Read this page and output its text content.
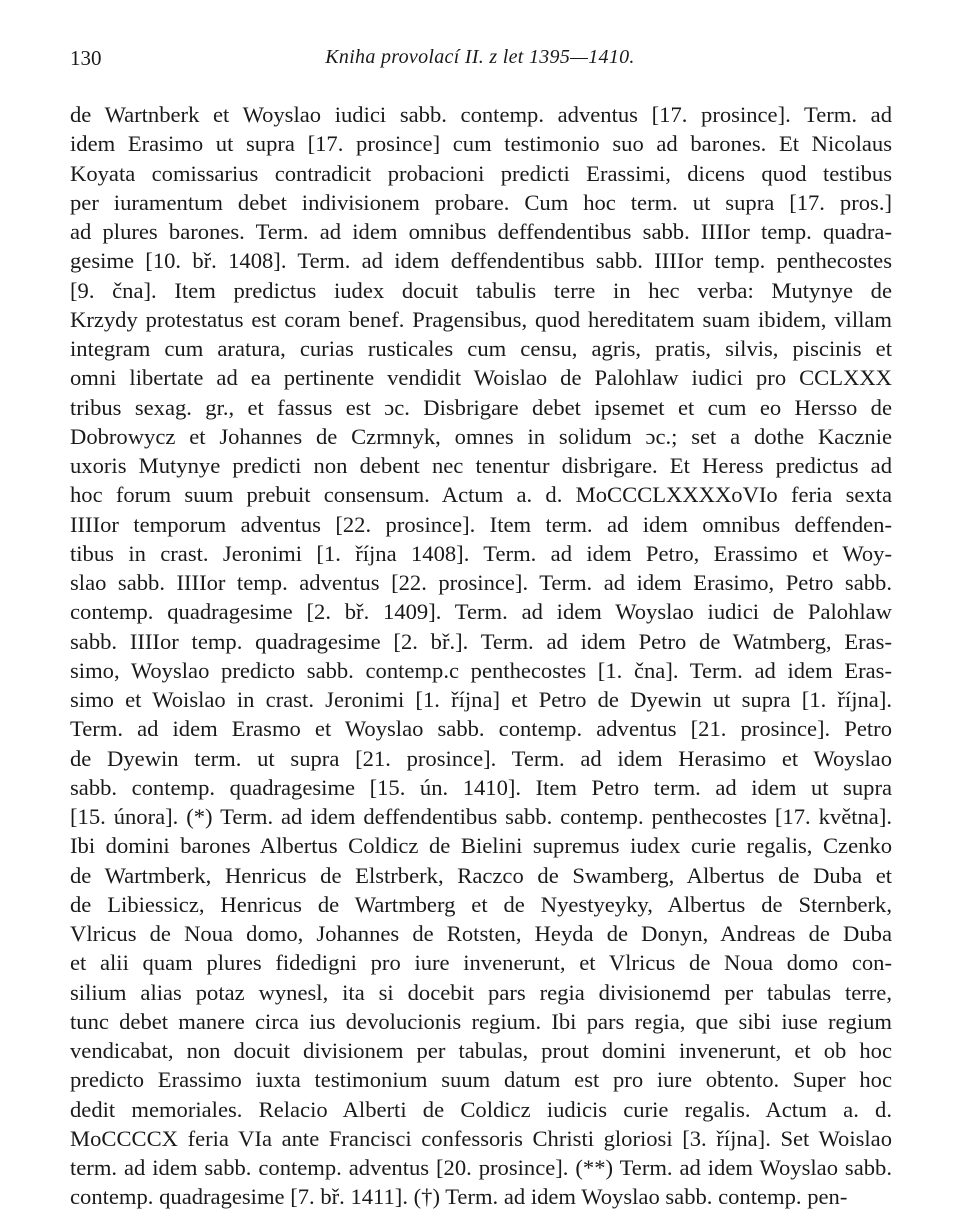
130	Kniha provolací II. z let 1395—1410.
de Wartnberk et Woyslao iudici sabb. contemp. adventus [17. prosince]. Term. ad
idem Erasimo ut supra [17. prosince] cum testimonio suo ad barones. Et Nicolaus
Koyata comissarius contradicit probacioni predicti Erassimi, dicens quod testibus
per iuramentum debet indivisionem probare. Cum hoc term. ut supra [17. pros.]
ad plures barones. Term. ad idem omnibus deffendentibus sabb. IIIIor temp. quadra-
gesime [10. bř. 1408]. Term. ad idem deffendentibus sabb. IIIIor temp. penthecostes
[9. čna]. Item predictus iudex docuit tabulis terre in hec verba: Mutynye de
Krzydy protestatus est coram benef. Pragensibus, quod hereditatem suam ibidem, villam
integram cum aratura, curias rusticales cum censu, agris, pratis, silvis, piscinis et
omni libertate ad ea pertinente vendidit Woislao de Palohlaw iudici pro CCLXXX
tribus sexag. gr., et fassus est ɔc. Disbrigare debet ipsemet et cum eo Hersso de
Dobrowycz et Johannes de Czrmnyk, omnes in solidum ɔc.; set a dothe Kacznie
uxoris Mutynye predicti non debent nec tenentur disbrigare. Et Heress predictus ad
hoc forum suum prebuit consensum. Actum a. d. MoCCCLXXXXoVIo feria sexta
IIIIor temporum adventus [22. prosince]. Item term. ad idem omnibus deffenden-
tibus in crast. Jeronimi [1. října 1408]. Term. ad idem Petro, Erassimo et Woy-
slao sabb. IIIIor temp. adventus [22. prosince]. Term. ad idem Erasimo, Petro sabb.
contemp. quadragesime [2. bř. 1409]. Term. ad idem Woyslao iudici de Palohlaw
sabb. IIIIor temp. quadragesime [2. bř.]. Term. ad idem Petro de Watmberg, Eras-
simo, Woyslao predicto sabb. contemp.c penthecostes [1. čna]. Term. ad idem Eras-
simo et Woislao in crast. Jeronimi [1. října] et Petro de Dyewin ut supra [1. října].
Term. ad idem Erasmo et Woyslao sabb. contemp. adventus [21. prosince]. Petro
de Dyewin term. ut supra [21. prosince]. Term. ad idem Herasimo et Woyslao
sabb. contemp. quadragesime [15. ún. 1410]. Item Petro term. ad idem ut supra
[15. února]. (*) Term. ad idem deffendentibus sabb. contemp. penthecostes [17. května].
Ibi domini barones Albertus Coldicz de Bielini supremus iudex curie regalis, Czenko
de Wartmberk, Henricus de Elstrberk, Raczco de Swamberg, Albertus de Duba et
de Libiessicz, Henricus de Wartmberg et de Nyestyeyky, Albertus de Sternberk,
Vlricus de Noua domo, Johannes de Rotsten, Heyda de Donyn, Andreas de Duba
et alii quam plures fidedigni pro iure invenerunt, et Vlricus de Noua domo con-
silium alias potaz wynesl, ita si docebit pars regia divisionemd per tabulas terre,
tunc debet manere circa ius devolucionis regium. Ibi pars regia, que sibi iuse regium
vendicabat, non docuit divisionem per tabulas, prout domini invenerunt, et ob hoc
predicto Erassimo iuxta testimonium suum datum est pro iure obtento. Super hoc
dedit memoriales. Relacio Alberti de Coldicz iudicis curie regalis. Actum a. d.
MoCCCCX feria VIa ante Francisci confessoris Christi gloriosi [3. října]. Set Woislao
term. ad idem sabb. contemp. adventus [20. prosince]. (**) Term. ad idem Woyslao sabb.
contemp. quadragesime [7. bř. 1411]. (†) Term. ad idem Woyslao sabb. contemp. pen-
